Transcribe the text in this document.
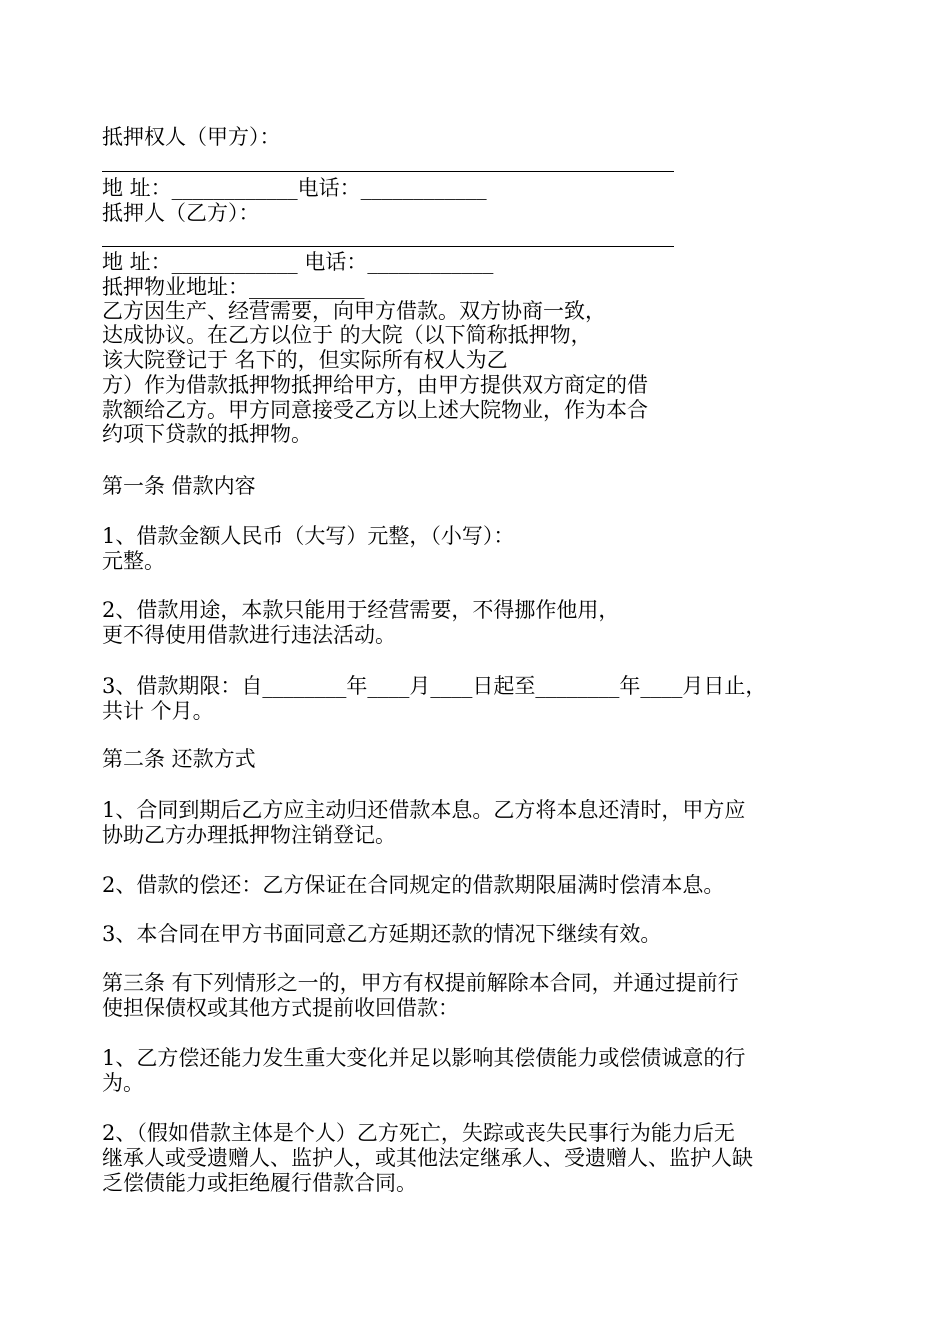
抵押权人（甲方）：

地 址：____________电话：____________

抵押人（乙方）：

地 址：____________ 电话：____________

抵押物业地址：___________

乙方因生产、经营需要，向甲方借款。双方协商一致，

达成协议。在乙方以位于 的大院（以下简称抵押物，

该大院登记于 名下的，但实际所有权人为乙

方）作为借款抵押物抵押给甲方，由甲方提供双方商定的借

款额给乙方。甲方同意接受乙方以上述大院物业，作为本合

约项下贷款的抵押物。

第一条 借款内容

1、借款金额人民币（大写）元整，（小写）：

元整。

2、借款用途，本款只能用于经营需要，不得挪作他用，

更不得使用借款进行违法活动。

3、借款期限：自________年____月____日起至________年____月日止，

共计 个月。

第二条 还款方式

1、合同到期后乙方应主动归还借款本息。乙方将本息还清时，甲方应

协助乙方办理抵押物注销登记。

2、借款的偿还：乙方保证在合同规定的借款期限届满时偿清本息。

3、本合同在甲方书面同意乙方延期还款的情况下继续有效。

第三条 有下列情形之一的，甲方有权提前解除本合同，并通过提前行

使担保债权或其他方式提前收回借款：

1、乙方偿还能力发生重大变化并足以影响其偿债能力或偿债诚意的行

为。

2、（假如借款主体是个人）乙方死亡，失踪或丧失民事行为能力后无

继承人或受遗赠人、监护人，或其他法定继承人、受遗赠人、监护人缺

乏偿债能力或拒绝履行借款合同。
